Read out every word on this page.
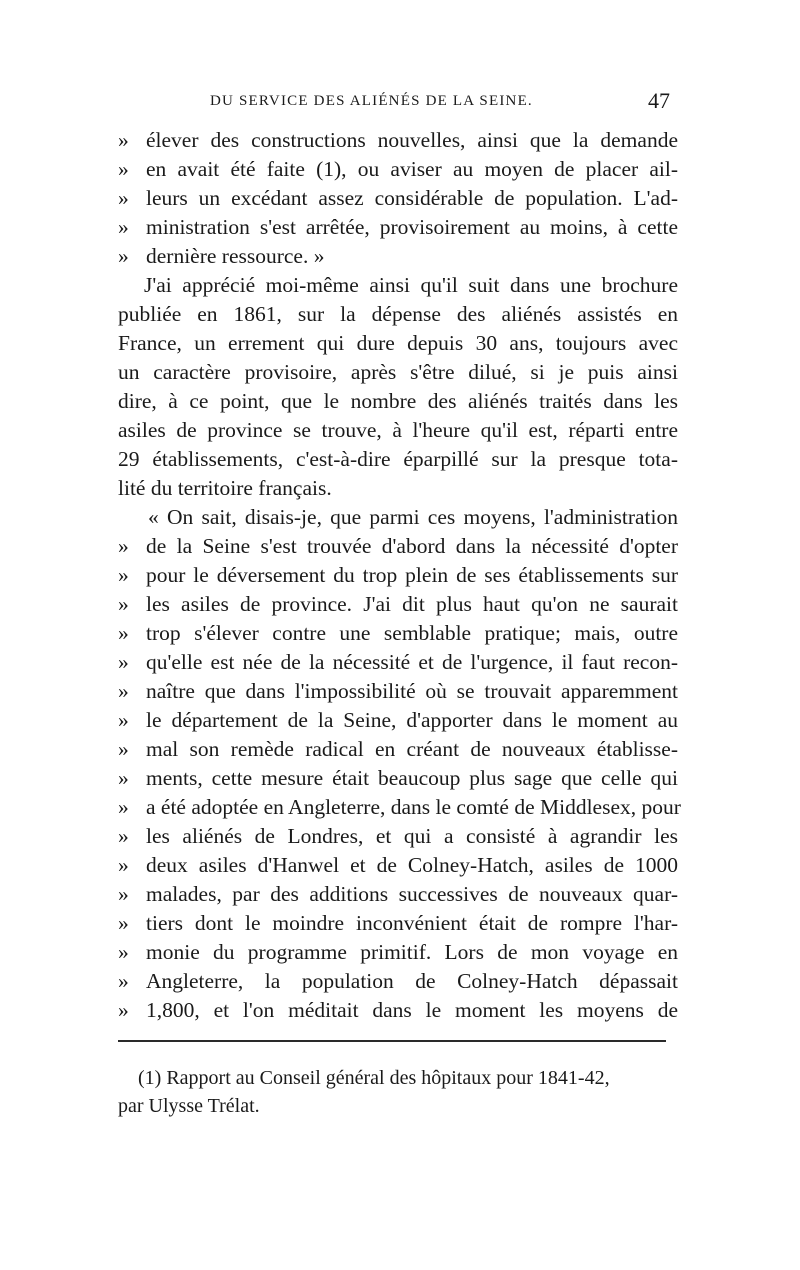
DU SERVICE DES ALIÉNÉS DE LA SEINE.	47
» élever des constructions nouvelles, ainsi que la demande
» en avait été faite (1), ou aviser au moyen de placer ail-
» leurs un excédant assez considérable de population. L'ad-
» ministration s'est arrêtée, provisoirement au moins, à cette
» dernière ressource. »
J'ai apprécié moi-même ainsi qu'il suit dans une brochure
publiée en 1861, sur la dépense des aliénés assistés en
France, un errement qui dure depuis 30 ans, toujours avec
un caractère provisoire, après s'être dilué, si je puis ainsi
dire, à ce point, que le nombre des aliénés traités dans les
asiles de province se trouve, à l'heure qu'il est, réparti entre
29 établissements, c'est-à-dire éparpillé sur la presque tota-
lité du territoire français.
« On sait, disais-je, que parmi ces moyens, l'administration
» de la Seine s'est trouvée d'abord dans la nécessité d'opter
» pour le déversement du trop plein de ses établissements sur
» les asiles de province. J'ai dit plus haut qu'on ne saurait
» trop s'élever contre une semblable pratique; mais, outre
» qu'elle est née de la nécessité et de l'urgence, il faut recon-
» naître que dans l'impossibilité où se trouvait apparemment
» le département de la Seine, d'apporter dans le moment au
» mal son remède radical en créant de nouveaux établisse-
» ments, cette mesure était beaucoup plus sage que celle qui
» a été adoptée en Angleterre, dans le comté de Middlesex, pour
» les aliénés de Londres, et qui a consisté à agrandir les
» deux asiles d'Hanwel et de Colney-Hatch, asiles de 1000
» malades, par des additions successives de nouveaux quar-
» tiers dont le moindre inconvénient était de rompre l'har-
» monie du programme primitif. Lors de mon voyage en
» Angleterre, la population de Colney-Hatch dépassait
» 1,800, et l'on méditait dans le moment les moyens de
(1) Rapport au Conseil général des hôpitaux pour 1841-42,
par Ulysse Trélat.
